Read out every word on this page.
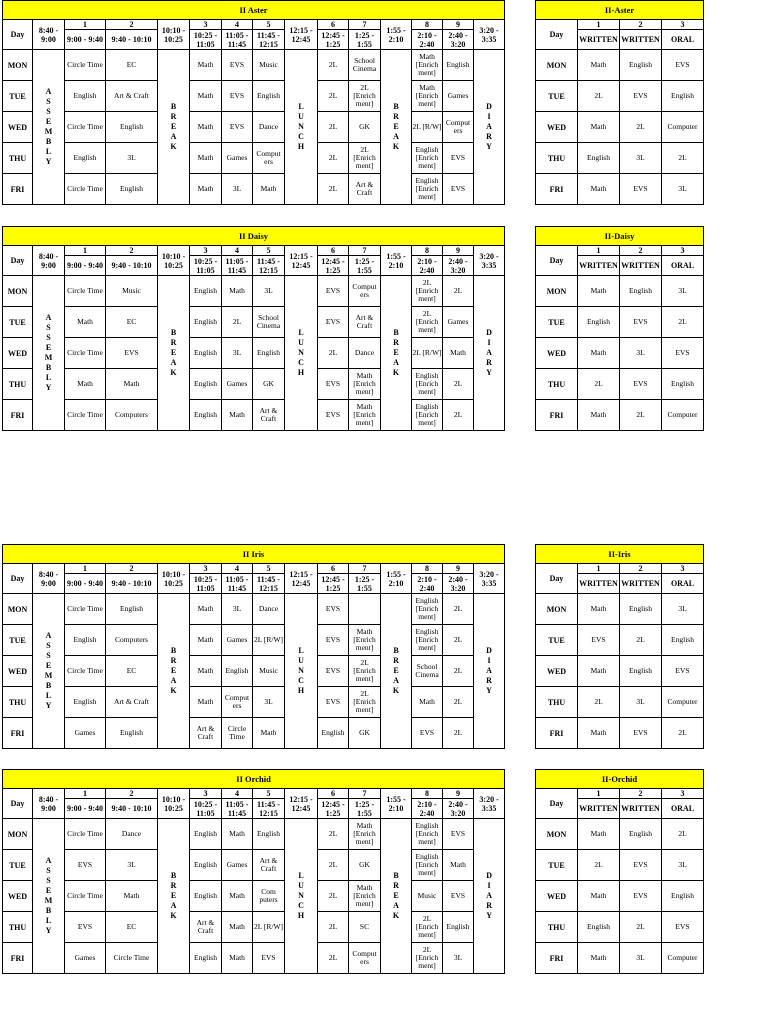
II Aster														
Day	8:40 - 9:00	1	2	10:10 - 10:25	3	4	5	12:15 - 12:45	6	7	1:55 - 2:10	8	9	3:20 - 3:35
		9:00 - 9:40	9:40 - 10:10		10:25 - 11:05	11:05 - 11:45	11:45 - 12:15		12:45 - 1:25	1:25 - 1:55		2:10 - 2:40	2:40 - 3:20	
MON	A S S E M B L Y	Circle Time	EC	B R E A K	Math	EVS	Music	L U N C H	2L	School Cinema	B R E A K	Math [Enrich ment]	English	D I A R Y
TUE		English	Art & Craft		Math	EVS	English		2L	2L [Enrich ment]		Math [Enrich ment]	Games	
WED		Circle Time	English		Math	EVS	Dance		2L	GK		2L [R/W]	Comput ers	
THU		English	3L		Math	Games	Comput ers		2L	2L [Enrich ment]		English [Enrich ment]	EVS	
FRI		Circle Time	English		Math	3L	Math		2L	Art & Craft		English [Enrich ment]	EVS	
II-Aster			
Day	1	2	3
	WRITTEN	WRITTEN	ORAL
MON	Math	English	EVS
TUE	2L	EVS	English
WED	Math	2L	Computer
THU	English	3L	2L
FRI	Math	EVS	3L
II Daisy														
Day	8:40 - 9:00	1	2	10:10 - 10:25	3	4	5	12:15 - 12:45	6	7	1:55 - 2:10	8	9	3:20 - 3:35
		9:00 - 9:40	9:40 - 10:10		10:25 - 11:05	11:05 - 11:45	11:45 - 12:15		12:45 - 1:25	1:25 - 1:55		2:10 - 2:40	2:40 - 3:20	
MON	A S S E M B L Y	Circle Time	Music	B R E A K	English	Math	3L	L U N C H	EVS	Comput ers	B R E A K	2L [Enrich ment]	2L	D I A R Y
TUE		Math	EC		English	2L	School Cinema		EVS	Art & Craft		2L [Enrich ment]	Games	
WED		Circle Time	EVS		English	3L	English		2L	Dance		2L [R/W]	Math	
THU		Math	Math		English	Games	GK		EVS	Math [Enrich ment]		English [Enrich ment]	2L	
FRI		Circle Time	Computers		English	Math	Art & Craft		EVS	Math [Enrich ment]		English [Enrich ment]	2L	
II-Daisy			
Day	1	2	3
	WRITTEN	WRITTEN	ORAL
MON	Math	English	3L
TUE	English	EVS	2L
WED	Math	3L	EVS
THU	2L	EVS	English
FRI	Math	2L	Computer
II Iris														
Day	8:40 - 9:00	1	2	10:10 - 10:25	3	4	5	12:15 - 12:45	6	7	1:55 - 2:10	8	9	3:20 - 3:35
		9:00 - 9:40	9:40 - 10:10		10:25 - 11:05	11:05 - 11:45	11:45 - 12:15		12:45 - 1:25	1:25 - 1:55		2:10 - 2:40	2:40 - 3:20	
MON	A S S E M B L Y	Circle Time	English	B R E A K	Math	3L	Dance	L U N C H	EVS		B R E A K	English [Enrich ment]	2L	D I A R Y
TUE		English	Computers		Math	Games	2L [R/W]		EVS	Math [Enrich ment]		English [Enrich ment]	2L	
WED		Circle Time	EC		Math	English	Music		EVS	2L [Enrich ment]		School Cinema	2L	
THU		English	Art & Craft		Math	Comput ers	3L		EVS	2L [Enrich ment]		Math	2L	
FRI		Games	English		Art & Craft	Circle Time	Math		English	GK		EVS	2L	
II-Iris			
Day	1	2	3
	WRITTEN	WRITTEN	ORAL
MON	Math	English	3L
TUE	EVS	2L	English
WED	Math	English	EVS
THU	2L	3L	Computer
FRI	Math	EVS	2L
II Orchid														
Day	8:40 - 9:00	1	2	10:10 - 10:25	3	4	5	12:15 - 12:45	6	7	1:55 - 2:10	8	9	3:20 - 3:35
		9:00 - 9:40	9:40 - 10:10		10:25 - 11:05	11:05 - 11:45	11:45 - 12:15		12:45 - 1:25	1:25 - 1:55		2:10 - 2:40	2:40 - 3:20	
MON	A S S E M B L Y	Circle Time	Dance	B R E A K	English	Math	English	L U N C H	2L	Math [Enrich ment]	B R E A K	English [Enrich ment]	EVS	D I A R Y
TUE		EVS	3L		English	Games	Art & Craft		2L	GK		English [Enrich ment]	Math	
WED		Circle Time	Math		English	Math	Com puters		2L	Math [Enrich ment]		Music	EVS	
THU		EVS	EC		Art & Craft	Math	2L [R/W]		2L	SC		2L [Enrich ment]	English	
FRI		Games	Circle Time		English	Math	EVS		2L	Comput ers		2L [Enrich ment]	3L	
II-Orchid			
Day	1	2	3
	WRITTEN	WRITTEN	ORAL
MON	Math	English	2L
TUE	2L	EVS	3L
WED	Math	EVS	English
THU	English	2L	EVS
FRI	Math	3L	Computer
